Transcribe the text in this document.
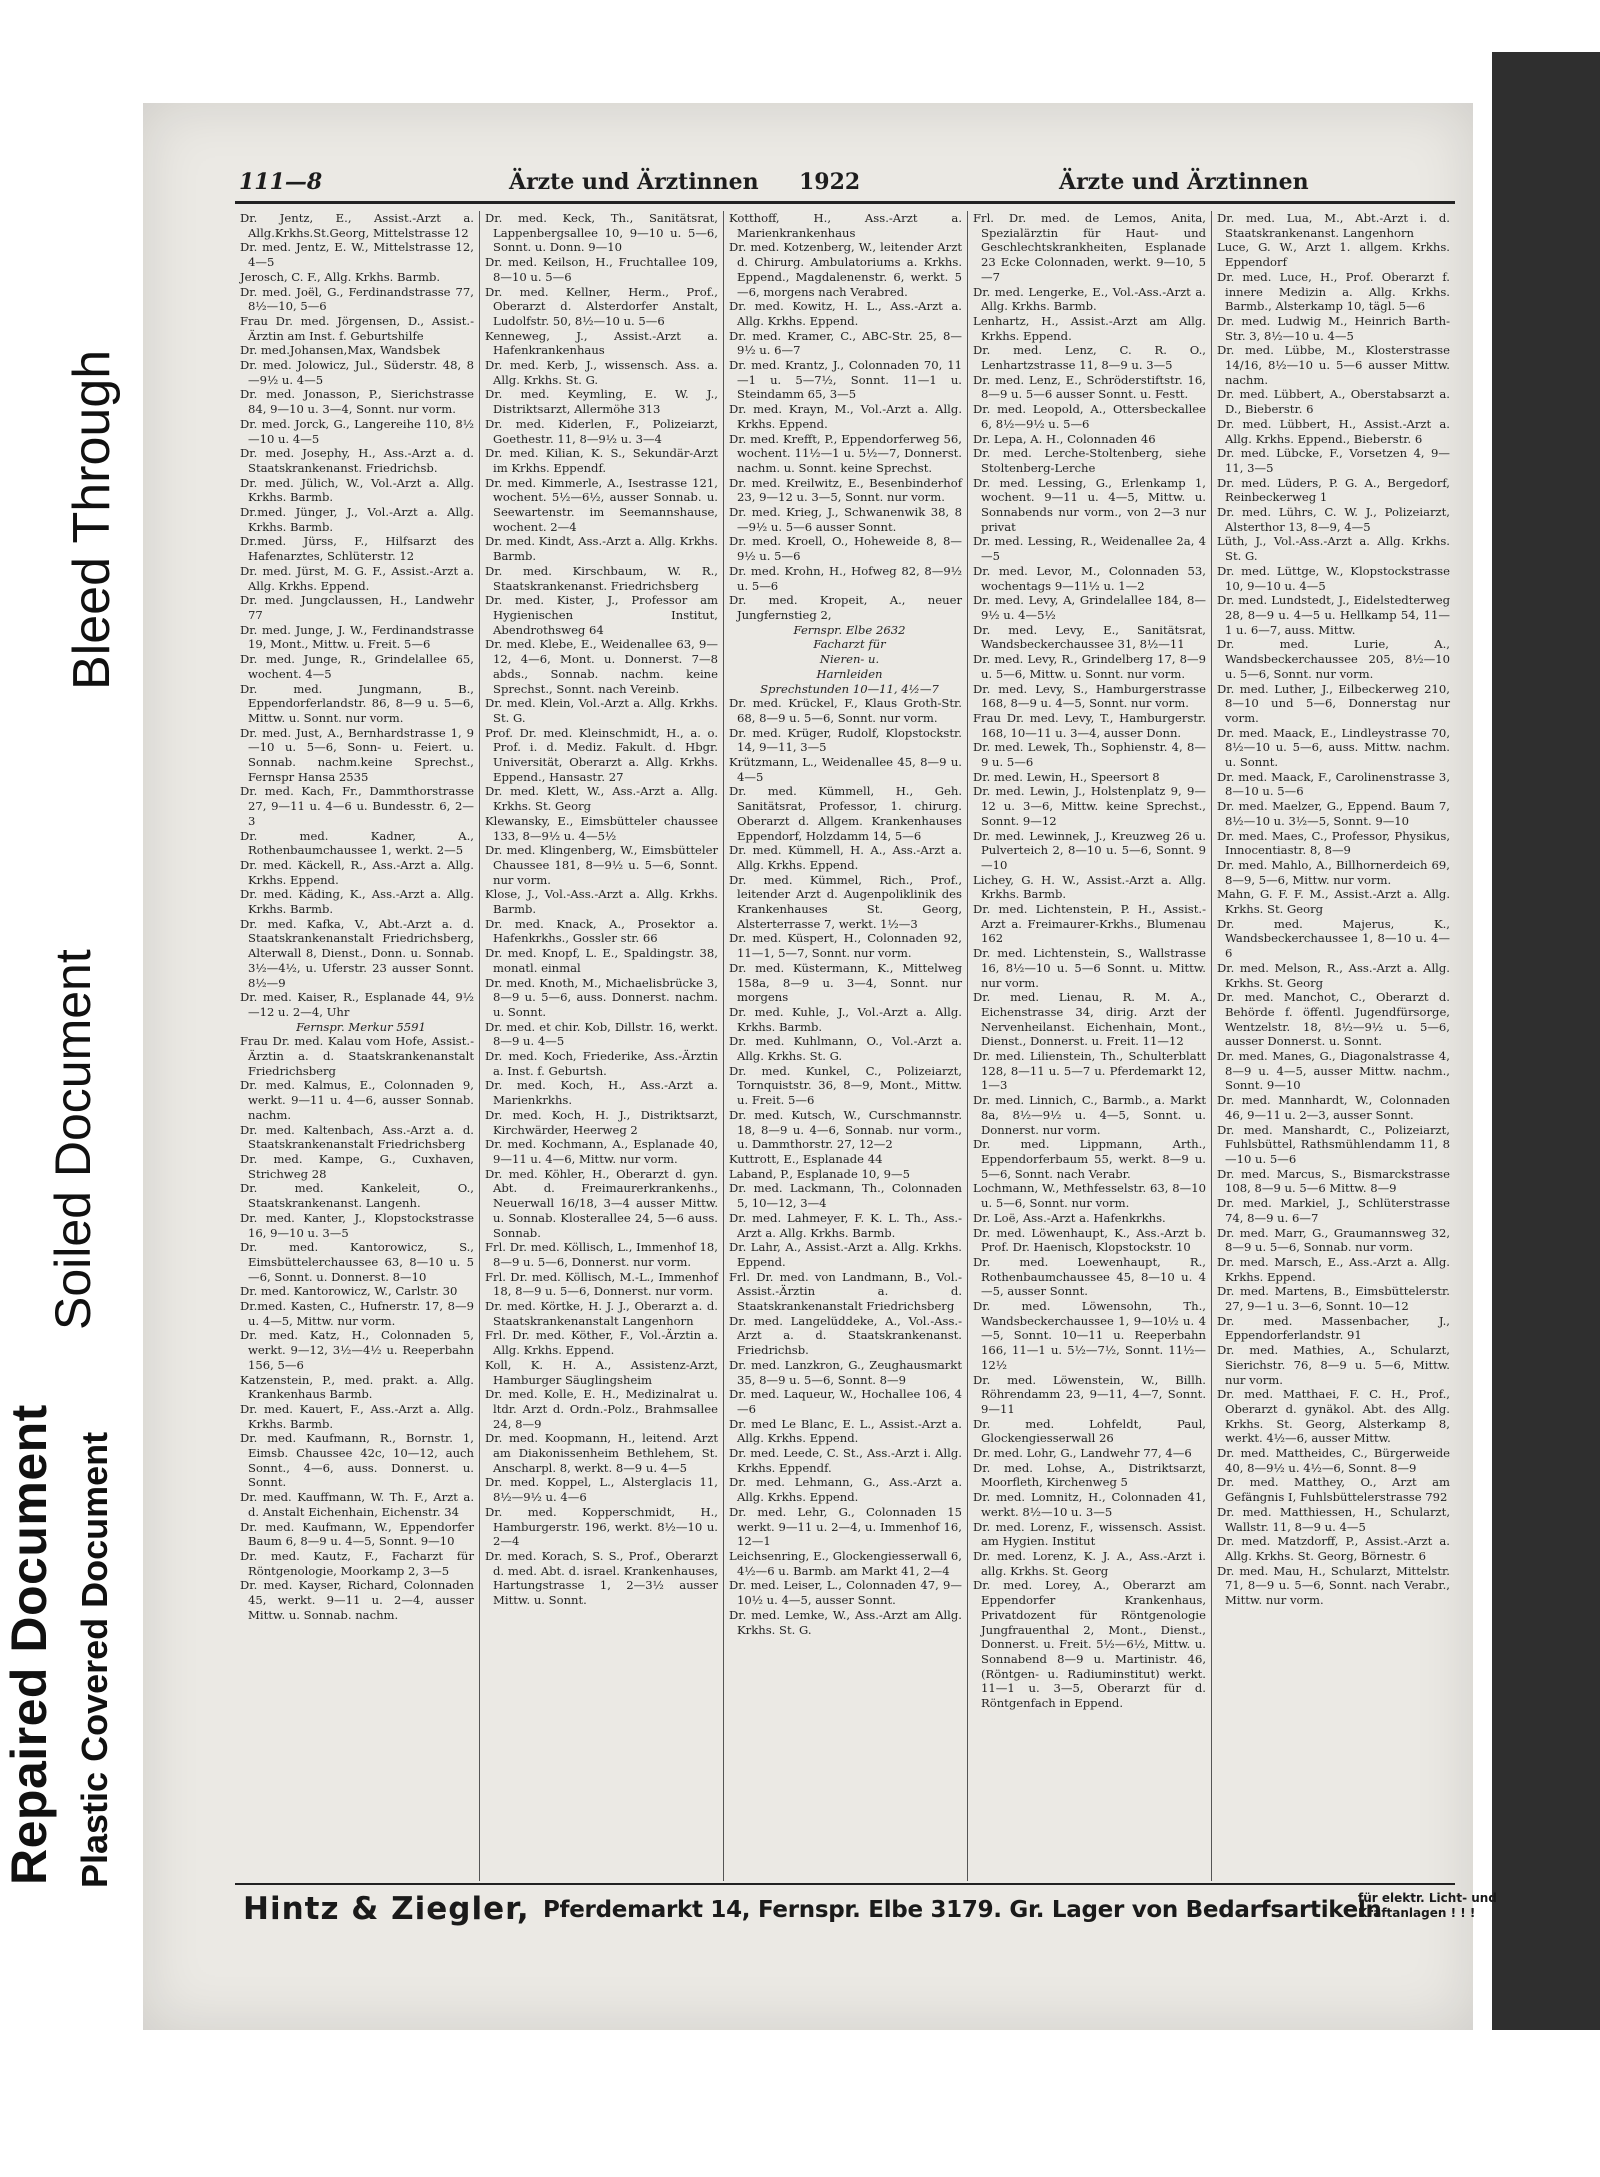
Bleed Through
Soiled Document
Repaired Document Plastic Covered Document
111—8	Ärzte und Ärztinnen 1922	Ärzte und Ärztinnen

Dr. Jentz, E., Assist.-Arzt a. Allg.Krkhs.St.Georg, Mittelstrasse 12

Dr. med. Jentz, E. W., Mittelstrasse 12, 4—5

Jerosch, C. F., Allg. Krkhs. Barmb.

Dr. med. Joël, G., Ferdinandstrasse 77, 8½—10, 5—6

Frau Dr. med. Jörgensen, D., Assist.-Ärztin am Inst. f. Geburtshilfe

Dr. med.Johansen,Max, Wandsbek

Dr. med. Jolowicz, Jul., Süderstr. 48, 8—9½ u. 4—5

Dr. med. Jonasson, P., Sierichstrasse 84, 9—10 u. 3—4, Sonnt. nur vorm.

Dr. med. Jorck, G., Langereihe 110, 8½—10 u. 4—5

Dr. med. Josephy, H., Ass.-Arzt a. d. Staatskrankenanst. Friedrichsb.

Dr. med. Jülich, W., Vol.-Arzt a. Allg. Krkhs. Barmb.

Dr.med. Jünger, J., Vol.-Arzt a. Allg. Krkhs. Barmb.

Dr.med. Jürss, F., Hilfsarzt des Hafenarztes, Schlüterstr. 12

Dr. med. Jürst, M. G. F., Assist.-Arzt a. Allg. Krkhs. Eppend.

Dr. med. Jungclaussen, H., Landwehr 77

Dr. med. Junge, J. W., Ferdinandstrasse 19, Mont., Mittw. u. Freit. 5—6

Dr. med. Junge, R., Grindelallee 65, wochent. 4—5

Dr. med. Jungmann, B., Eppendorferlandstr. 86, 8—9 u. 5—6, Mittw. u. Sonnt. nur vorm.

Dr. med. Just, A., Bernhardstrasse 1, 9—10 u. 5—6, Sonn- u. Feiert. u. Sonnab. nachm.keine Sprechst., Fernspr Hansa 2535

Dr. med. Kach, Fr., Dammthorstrasse 27, 9—11 u. 4—6 u. Bundesstr. 6, 2—3

Dr. med. Kadner, A., Rothenbaumchaussee 1, werkt. 2—5

Dr. med. Käckell, R., Ass.-Arzt a. Allg. Krkhs. Eppend.

Dr. med. Käding, K., Ass.-Arzt a. Allg. Krkhs. Barmb.

Dr. med. Kafka, V., Abt.-Arzt a. d. Staatskrankenanstalt Friedrichsberg, Alterwall 8, Dienst., Donn. u. Sonnab. 3½—4½, u. Uferstr. 23 ausser Sonnt. 8½—9

Dr. med. Kaiser, R., Esplanade 44, 9½—12 u. 2—4, Uhr

Fernspr. Merkur 5591

Frau Dr. med. Kalau vom Hofe, Assist.-Ärztin a. d. Staatskrankenanstalt Friedrichsberg

Dr. med. Kalmus, E., Colonnaden 9, werkt. 9—11 u. 4—6, ausser Sonnab. nachm.

Dr. med. Kaltenbach, Ass.-Arzt a. d. Staatskrankenanstalt Friedrichsberg

Dr. med. Kampe, G., Cuxhaven, Strichweg 28

Dr. med. Kankeleit, O., Staatskrankenanst. Langenh.

Dr. med. Kanter, J., Klopstockstrasse 16, 9—10 u. 3—5

Dr. med. Kantorowicz, S., Eimsbüttelerchaussee 63, 8—10 u. 5—6, Sonnt. u. Donnerst. 8—10

Dr. med. Kantorowicz, W., Carlstr. 30

Dr.med. Kasten, C., Hufnerstr. 17, 8—9 u. 4—5, Mittw. nur vorm.

Dr. med. Katz, H., Colonnaden 5, werkt. 9—12, 3½—4½ u. Reeperbahn 156, 5—6

Katzenstein, P., med. prakt. a. Allg. Krankenhaus Barmb.

Dr. med. Kauert, F., Ass.-Arzt a. Allg. Krkhs. Barmb.

Dr. med. Kaufmann, R., Bornstr. 1, Eimsb. Chaussee 42c, 10—12, auch Sonnt., 4—6, auss. Donnerst. u. Sonnt.

Dr. med. Kauffmann, W. Th. F., Arzt a. d. Anstalt Eichenhain, Eichenstr. 34

Dr. med. Kaufmann, W., Eppendorfer Baum 6, 8—9 u. 4—5, Sonnt. 9—10

Dr. med. Kautz, F., Facharzt für Röntgenologie, Moorkamp 2, 3—5

Dr. med. Kayser, Richard, Colonnaden 45, werkt. 9—11 u. 2—4, ausser Mittw. u. Sonnab. nachm.

Dr. med. Keck, Th., Sanitätsrat, Lappenbergsallee 10, 9—10 u. 5—6, Sonnt. u. Donn. 9—10

Dr. med. Keilson, H., Fruchtallee 109, 8—10 u. 5—6

Dr. med. Kellner, Herm., Prof., Oberarzt d. Alsterdorfer Anstalt, Ludolfstr. 50, 8½—10 u. 5—6

Kenneweg, J., Assist.-Arzt a. Hafenkrankenhaus

Dr. med. Kerb, J., wissensch. Ass. a. Allg. Krkhs. St. G.

Dr. med. Keymling, E. W. J., Distriktsarzt, Allermöhe 313

Dr. med. Kiderlen, F., Polizeiarzt, Goethestr. 11, 8—9½ u. 3—4

Dr. med. Kilian, K. S., Sekundär-Arzt im Krkhs. Eppendf.

Dr. med. Kimmerle, A., Isestrasse 121, wochent. 5½—6½, ausser Sonnab. u. Seewartenstr. im Seemannshause, wochent. 2—4

Dr. med. Kindt, Ass.-Arzt a. Allg. Krkhs. Barmb.

Dr. med. Kirschbaum, W. R., Staatskrankenanst. Friedrichsberg

Dr. med. Kister, J., Professor am Hygienischen Institut, Abendrothsweg 64

Dr. med. Klebe, E., Weidenallee 63, 9—12, 4—6, Mont. u. Donnerst. 7—8 abds., Sonnab. nachm. keine Sprechst., Sonnt. nach Vereinb.

Dr. med. Klein, Vol.-Arzt a. Allg. Krkhs. St. G.

Prof. Dr. med. Kleinschmidt, H., a. o. Prof. i. d. Mediz. Fakult. d. Hbgr. Universität, Oberarzt a. Allg. Krkhs. Eppend., Hansastr. 27

Dr. med. Klett, W., Ass.-Arzt a. Allg. Krkhs. St. Georg

Klewansky, E., Eimsbütteler chaussee 133, 8—9½ u. 4—5½

Dr. med. Klingenberg, W., Eimsbütteler Chaussee 181, 8—9½ u. 5—6, Sonnt. nur vorm.

Klose, J., Vol.-Ass.-Arzt a. Allg. Krkhs. Barmb.

Dr. med. Knack, A., Prosektor a. Hafenkrkhs., Gossler str. 66

Dr. med. Knopf, L. E., Spaldingstr. 38, monatl. einmal

Dr. med. Knoth, M., Michaelisbrücke 3, 8—9 u. 5—6, auss. Donnerst. nachm. u. Sonnt.

Dr. med. et chir. Kob, Dillstr. 16, werkt. 8—9 u. 4—5

Dr. med. Koch, Friederike, Ass.-Ärztin a. Inst. f. Geburtsh.

Dr. med. Koch, H., Ass.-Arzt a. Marienkrkhs.

Dr. med. Koch, H. J., Distriktsarzt, Kirchwärder, Heerweg 2

Dr. med. Kochmann, A., Esplanade 40, 9—11 u. 4—6, Mittw. nur vorm.

Dr. med. Köhler, H., Oberarzt d. gyn. Abt. d. Freimaurerkrankenhs., Neuerwall 16/18, 3—4 ausser Mittw. u. Sonnab. Klosterallee 24, 5—6 auss. Sonnab.

Frl. Dr. med. Köllisch, L., Immenhof 18, 8—9 u. 5—6, Donnerst. nur vorm.

Frl. Dr. med. Köllisch, M.-L., Immenhof 18, 8—9 u. 5—6, Donnerst. nur vorm.

Dr. med. Körtke, H. J. J., Oberarzt a. d. Staatskrankenanstalt Langenhorn

Frl. Dr. med. Köther, F., Vol.-Ärztin a. Allg. Krkhs. Eppend.

Koll, K. H. A., Assistenz-Arzt, Hamburger Säuglingsheim

Dr. med. Kolle, E. H., Medizinalrat u. ltdr. Arzt d. Ordn.-Polz., Brahmsallee 24, 8—9

Dr. med. Koopmann, H., leitend. Arzt am Diakonissenheim Bethlehem, St. Anscharpl. 8, werkt. 8—9 u. 4—5

Dr. med. Koppel, L., Alsterglacis 11, 8½—9½ u. 4—6

Dr. med. Kopperschmidt, H., Hamburgerstr. 196, werkt. 8½—10 u. 2—4

Dr. med. Korach, S. S., Prof., Oberarzt d. med. Abt. d. israel. Krankenhauses, Hartungstrasse 1, 2—3½ ausser Mittw. u. Sonnt.

Kotthoff, H., Ass.-Arzt a. Marienkrankenhaus

Dr. med. Kotzenberg, W., leitender Arzt d. Chirurg. Ambulatoriums a. Krkhs. Eppend., Magdalenenstr. 6, werkt. 5—6, morgens nach Verabred.

Dr. med. Kowitz, H. L., Ass.-Arzt a. Allg. Krkhs. Eppend.

Dr. med. Kramer, C., ABC-Str. 25, 8—9½ u. 6—7

Dr. med. Krantz, J., Colonnaden 70, 11—1 u. 5—7½, Sonnt. 11—1 u. Steindamm 65, 3—5

Dr. med. Krayn, M., Vol.-Arzt a. Allg. Krkhs. Eppend.

Dr. med. Krefft, P., Eppendorferweg 56, wochent. 11½—1 u. 5½—7, Donnerst. nachm. u. Sonnt. keine Sprechst.

Dr. med. Kreilwitz, E., Besenbinderhof 23, 9—12 u. 3—5, Sonnt. nur vorm.

Dr. med. Krieg, J., Schwanenwik 38, 8—9½ u. 5—6 ausser Sonnt.

Dr. med. Kroell, O., Hoheweide 8, 8—9½ u. 5—6

Dr. med. Krohn, H., Hofweg 82, 8—9½ u. 5—6

Dr. med. Kropeit, A., neuer Jungfernstieg 2,

Fernspr. Elbe 2632

Facharzt für

Nieren- u.

Harnleiden

Sprechstunden 10—11, 4½—7

Dr. med. Krückel, F., Klaus Groth-Str. 68, 8—9 u. 5—6, Sonnt. nur vorm.

Dr. med. Krüger, Rudolf, Klopstockstr. 14, 9—11, 3—5

Krützmann, L., Weidenallee 45, 8—9 u. 4—5

Dr. med. Kümmell, H., Geh. Sanitätsrat, Professor, 1. chirurg. Oberarzt d. Allgem. Krankenhauses Eppendorf, Holzdamm 14, 5—6

Dr. med. Kümmell, H. A., Ass.-Arzt a. Allg. Krkhs. Eppend.

Dr. med. Kümmel, Rich., Prof., leitender Arzt d. Augenpoliklinik des Krankenhauses St. Georg, Alsterterrasse 7, werkt. 1½—3

Dr. med. Küspert, H., Colonnaden 92, 11—1, 5—7, Sonnt. nur vorm.

Dr. med. Küstermann, K., Mittelweg 158a, 8—9 u. 3—4, Sonnt. nur morgens

Dr. med. Kuhle, J., Vol.-Arzt a. Allg. Krkhs. Barmb.

Dr. med. Kuhlmann, O., Vol.-Arzt a. Allg. Krkhs. St. G.

Dr. med. Kunkel, C., Polizeiarzt, Tornquiststr. 36, 8—9, Mont., Mittw. u. Freit. 5—6

Dr. med. Kutsch, W., Curschmannstr. 18, 8—9 u. 4—6, Sonnab. nur vorm., u. Dammthorstr. 27, 12—2

Kuttrott, E., Esplanade 44

Laband, P., Esplanade 10, 9—5

Dr. med. Lackmann, Th., Colonnaden 5, 10—12, 3—4

Dr. med. Lahmeyer, F. K. L. Th., Ass.-Arzt a. Allg. Krkhs. Barmb.

Dr. Lahr, A., Assist.-Arzt a. Allg. Krkhs. Eppend.

Frl. Dr. med. von Landmann, B., Vol.-Assist.-Ärztin a. d. Staatskrankenanstalt Friedrichsberg

Dr. med. Langelüddeke, A., Vol.-Ass.-Arzt a. d. Staatskrankenanst. Friedrichsb.

Dr. med. Lanzkron, G., Zeughausmarkt 35, 8—9 u. 5—6, Sonnt. 8—9

Dr. med. Laqueur, W., Hochallee 106, 4—6

Dr. med Le Blanc, E. L., Assist.-Arzt a. Allg. Krkhs. Eppend.

Dr. med. Leede, C. St., Ass.-Arzt i. Allg. Krkhs. Eppendf.

Dr. med. Lehmann, G., Ass.-Arzt a. Allg. Krkhs. Eppend.

Dr. med. Lehr, G., Colonnaden 15 werkt. 9—11 u. 2—4, u. Immenhof 16, 12—1

Leichsenring, E., Glockengiesserwall 6, 4½—6 u. Barmb. am Markt 41, 2—4

Dr. med. Leiser, L., Colonnaden 47, 9—10½ u. 4—5, ausser Sonnt.

Dr. med. Lemke, W., Ass.-Arzt am Allg. Krkhs. St. G.

Frl. Dr. med. de Lemos, Anita, Spezialärztin für Haut- und Geschlechtskrankheiten, Esplanade 23 Ecke Colonnaden, werkt. 9—10, 5—7

Dr. med. Lengerke, E., Vol.-Ass.-Arzt a. Allg. Krkhs. Barmb.

Lenhartz, H., Assist.-Arzt am Allg. Krkhs. Eppend.

Dr. med. Lenz, C. R. O., Lenhartzstrasse 11, 8—9 u. 3—5

Dr. med. Lenz, E., Schröderstiftstr. 16, 8—9 u. 5—6 ausser Sonnt. u. Festt.

Dr. med. Leopold, A., Ottersbeckallee 6, 8½—9½ u. 5—6

Dr. Lepa, A. H., Colonnaden 46

Dr. med. Lerche-Stoltenberg, siehe Stoltenberg-Lerche

Dr. med. Lessing, G., Erlenkamp 1, wochent. 9—11 u. 4—5, Mittw. u. Sonnabends nur vorm., von 2—3 nur privat

Dr. med. Lessing, R., Weidenallee 2a, 4—5

Dr. med. Levor, M., Colonnaden 53, wochentags 9—11½ u. 1—2

Dr. med. Levy, A, Grindelallee 184, 8—9½ u. 4—5½

Dr. med. Levy, E., Sanitätsrat, Wandsbeckerchaussee 31, 8½—11

Dr. med. Levy, R., Grindelberg 17, 8—9 u. 5—6, Mittw. u. Sonnt. nur vorm.

Dr. med. Levy, S., Hamburgerstrasse 168, 8—9 u. 4—5, Sonnt. nur vorm.

Frau Dr. med. Levy, T., Hamburgerstr. 168, 10—11 u. 3—4, ausser Donn.

Dr. med. Lewek, Th., Sophienstr. 4, 8—9 u. 5—6

Dr. med. Lewin, H., Speersort 8

Dr. med. Lewin, J., Holstenplatz 9, 9—12 u. 3—6, Mittw. keine Sprechst., Sonnt. 9—12

Dr. med. Lewinnek, J., Kreuzweg 26 u. Pulverteich 2, 8—10 u. 5—6, Sonnt. 9—10

Lichey, G. H. W., Assist.-Arzt a. Allg. Krkhs. Barmb.

Dr. med. Lichtenstein, P. H., Assist.-Arzt a. Freimaurer-Krkhs., Blumenau 162

Dr. med. Lichtenstein, S., Wallstrasse 16, 8½—10 u. 5—6 Sonnt. u. Mittw. nur vorm.

Dr. med. Lienau, R. M. A., Eichenstrasse 34, dirig. Arzt der Nervenheilanst. Eichenhain, Mont., Dienst., Donnerst. u. Freit. 11—12

Dr. med. Lilienstein, Th., Schulterblatt 128, 8—11 u. 5—7 u. Pferdemarkt 12, 1—3

Dr. med. Linnich, C., Barmb., a. Markt 8a, 8½—9½ u. 4—5, Sonnt. u. Donnerst. nur vorm.

Dr. med. Lippmann, Arth., Eppendorferbaum 55, werkt. 8—9 u. 5—6, Sonnt. nach Verabr.

Lochmann, W., Methfesselstr. 63, 8—10 u. 5—6, Sonnt. nur vorm.

Dr. Loë, Ass.-Arzt a. Hafenkrkhs.

Dr. med. Löwenhaupt, K., Ass.-Arzt b. Prof. Dr. Haenisch, Klopstockstr. 10

Dr. med. Loewenhaupt, R., Rothenbaumchaussee 45, 8—10 u. 4—5, ausser Sonnt.

Dr. med. Löwensohn, Th., Wandsbeckerchaussee 1, 9—10½ u. 4—5, Sonnt. 10—11 u. Reeperbahn 166, 11—1 u. 5½—7½, Sonnt. 11½—12½

Dr. med. Löwenstein, W., Billh. Röhrendamm 23, 9—11, 4—7, Sonnt. 9—11

Dr. med. Lohfeldt, Paul, Glockengiesserwall 26

Dr. med. Lohr, G., Landwehr 77, 4—6

Dr. med. Lohse, A., Distriktsarzt, Moorfleth, Kirchenweg 5

Dr. med. Lomnitz, H., Colonnaden 41, werkt. 8½—10 u. 3—5

Dr. med. Lorenz, F., wissensch. Assist. am Hygien. Institut

Dr. med. Lorenz, K. J. A., Ass.-Arzt i. allg. Krkhs. St. Georg

Dr. med. Lorey, A., Oberarzt am Eppendorfer Krankenhaus, Privatdozent für Röntgenologie Jungfrauenthal 2, Mont., Dienst., Donnerst. u. Freit. 5½—6½, Mittw. u. Sonnabend 8—9 u. Martinistr. 46, (Röntgen- u. Radiuminstitut) werkt. 11—1 u. 3—5, Oberarzt für d. Röntgenfach in Eppend.

Dr. med. Lua, M., Abt.-Arzt i. d. Staatskrankenanst. Langenhorn

Luce, G. W., Arzt 1. allgem. Krkhs. Eppendorf

Dr. med. Luce, H., Prof. Oberarzt f. innere Medizin a. Allg. Krkhs. Barmb., Alsterkamp 10, tägl. 5—6

Dr. med. Ludwig M., Heinrich Barth-Str. 3, 8½—10 u. 4—5

Dr. med. Lübbe, M., Klosterstrasse 14/16, 8½—10 u. 5—6 ausser Mittw. nachm.

Dr. med. Lübbert, A., Oberstabsarzt a. D., Bieberstr. 6

Dr. med. Lübbert, H., Assist.-Arzt a. Allg. Krkhs. Eppend., Bieberstr. 6

Dr. med. Lübcke, F., Vorsetzen 4, 9—11, 3—5

Dr. med. Lüders, P. G. A., Bergedorf, Reinbeckerweg 1

Dr. med. Lührs, C. W. J., Polizeiarzt, Alsterthor 13, 8—9, 4—5

Lüth, J., Vol.-Ass.-Arzt a. Allg. Krkhs. St. G.

Dr. med. Lüttge, W., Klopstockstrasse 10, 9—10 u. 4—5

Dr. med. Lundstedt, J., Eidelstedterweg 28, 8—9 u. 4—5 u. Hellkamp 54, 11—1 u. 6—7, auss. Mittw.

Dr. med. Lurie, A., Wandsbeckerchaussee 205, 8½—10 u. 5—6, Sonnt. nur vorm.

Dr. med. Luther, J., Eilbeckerweg 210, 8—10 und 5—6, Donnerstag nur vorm.

Dr. med. Maack, E., Lindleystrasse 70, 8½—10 u. 5—6, auss. Mittw. nachm. u. Sonnt.

Dr. med. Maack, F., Carolinenstrasse 3, 8—10 u. 5—6

Dr. med. Maelzer, G., Eppend. Baum 7, 8½—10 u. 3½—5, Sonnt. 9—10

Dr. med. Maes, C., Professor, Physikus, Innocentiastr. 8, 8—9

Dr. med. Mahlo, A., Billhornerdeich 69, 8—9, 5—6, Mittw. nur vorm.

Mahn, G. F. F. M., Assist.-Arzt a. Allg. Krkhs. St. Georg

Dr. med. Majerus, K., Wandsbeckerchaussee 1, 8—10 u. 4—6

Dr. med. Melson, R., Ass.-Arzt a. Allg. Krkhs. St. Georg

Dr. med. Manchot, C., Oberarzt d. Behörde f. öffentl. Jugendfürsorge, Wentzelstr. 18, 8½—9½ u. 5—6, ausser Donnerst. u. Sonnt.

Dr. med. Manes, G., Diagonalstrasse 4, 8—9 u. 4—5, ausser Mittw. nachm., Sonnt. 9—10

Dr. med. Mannhardt, W., Colonnaden 46, 9—11 u. 2—3, ausser Sonnt.

Dr. med. Manshardt, C., Polizeiarzt, Fuhlsbüttel, Rathsmühlendamm 11, 8—10 u. 5—6

Dr. med. Marcus, S., Bismarckstrasse 108, 8—9 u. 5—6 Mittw. 8—9

Dr. med. Markiel, J., Schlüterstrasse 74, 8—9 u. 6—7

Dr. med. Marr, G., Graumannsweg 32, 8—9 u. 5—6, Sonnab. nur vorm.

Dr. med. Marsch, E., Ass.-Arzt a. Allg. Krkhs. Eppend.

Dr. med. Martens, B., Eimsbüttelerstr. 27, 9—1 u. 3—6, Sonnt. 10—12

Dr. med. Massenbacher, J., Eppendorferlandstr. 91

Dr. med. Mathies, A., Schularzt, Sierichstr. 76, 8—9 u. 5—6, Mittw. nur vorm.

Dr. med. Matthaei, F. C. H., Prof., Oberarzt d. gynäkol. Abt. des Allg. Krkhs. St. Georg, Alsterkamp 8, werkt. 4½—6, ausser Mittw.

Dr. med. Mattheides, C., Bürgerweide 40, 8—9½ u. 4½—6, Sonnt. 8—9

Dr. med. Matthey, O., Arzt am Gefängnis I, Fuhlsbüttelerstrasse 792

Dr. med. Matthiessen, H., Schularzt, Wallstr. 11, 8—9 u. 4—5

Dr. med. Matzdorff, P., Assist.-Arzt a. Allg. Krkhs. St. Georg, Börnestr. 6

Dr. med. Mau, H., Schularzt, Mittelstr. 71, 8—9 u. 5—6, Sonnt. nach Verabr., Mittw. nur vorm.

Hintz & Ziegler, Pferdemarkt 14, Fernspr. Elbe 3179. Gr. Lager von Bedarfsartikeln
für elektr. Licht- und
Kraftanlagen ! ! !
